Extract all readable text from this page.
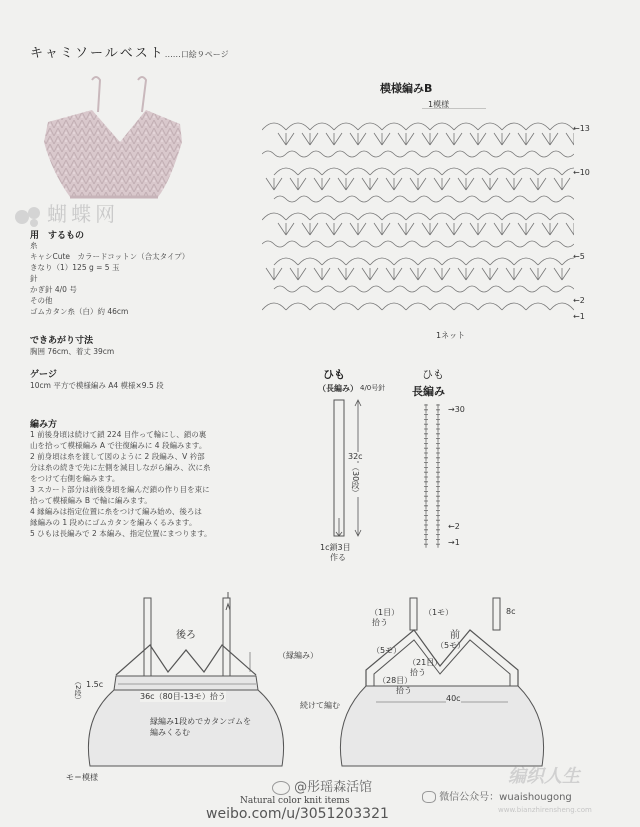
キャミソールベスト……口絵９ページ
蝴蝶网
用　するもの
糸
キャシCute　カラードコットン（合太タイプ）
きなり（1）125 g = 5 玉
針
かぎ針 4/0 号
その他
ゴムカタン糸（白）約 46cm
できあがり寸法
胸囲 76cm、着丈 39cm
ゲージ
10cm 平方で模様編み A4 模様×9.5 段
編み方
1 前後身頃は続けて鎖 224 目作って輪にし、鎖の裏
山を拾って模様編み A で往復編みに 4 段編みます。
2 前身頃は糸を渡して図のように 2 段編み、V 衿部
分は糸の続きで先に左側を減目しながら編み、次に糸
をつけて右側を編みます。
3 スカート部分は前後身頃を編んだ鎖の作り目を束に
拾って模様編み B で輪に編みます。
4 縁編みは指定位置に糸をつけて編み始め、後ろは
縁編みの 1 段めにゴムカタンを編みくるみます。
5 ひもは長編みで 2 本編み、指定位置にまつります。
模様編みB
1模様
←13
←10
←5
←2
←1
1ネット
ひも
（長編み） 4/0号針
32c
（30段）
1c鎖3目
作る
ひも
長編み
→30
←2
→1
後ろ
（縁編み）
1.5c
（2段）	36c（80目-13モ）拾う
縁編み1段めでカタンゴムを
編みくるむ
（1目）
拾う
（1モ）
前
8c
（5モ）
（5モ）
（21目）
拾う
（28目）
拾う
40c
続けて編む
モ＝模様
@彤瑶森活馆
Natural color knit items
weibo.com/u/3051203321
微信公众号：wuaishougong
编织人生
www.bianzhirensheng.com
